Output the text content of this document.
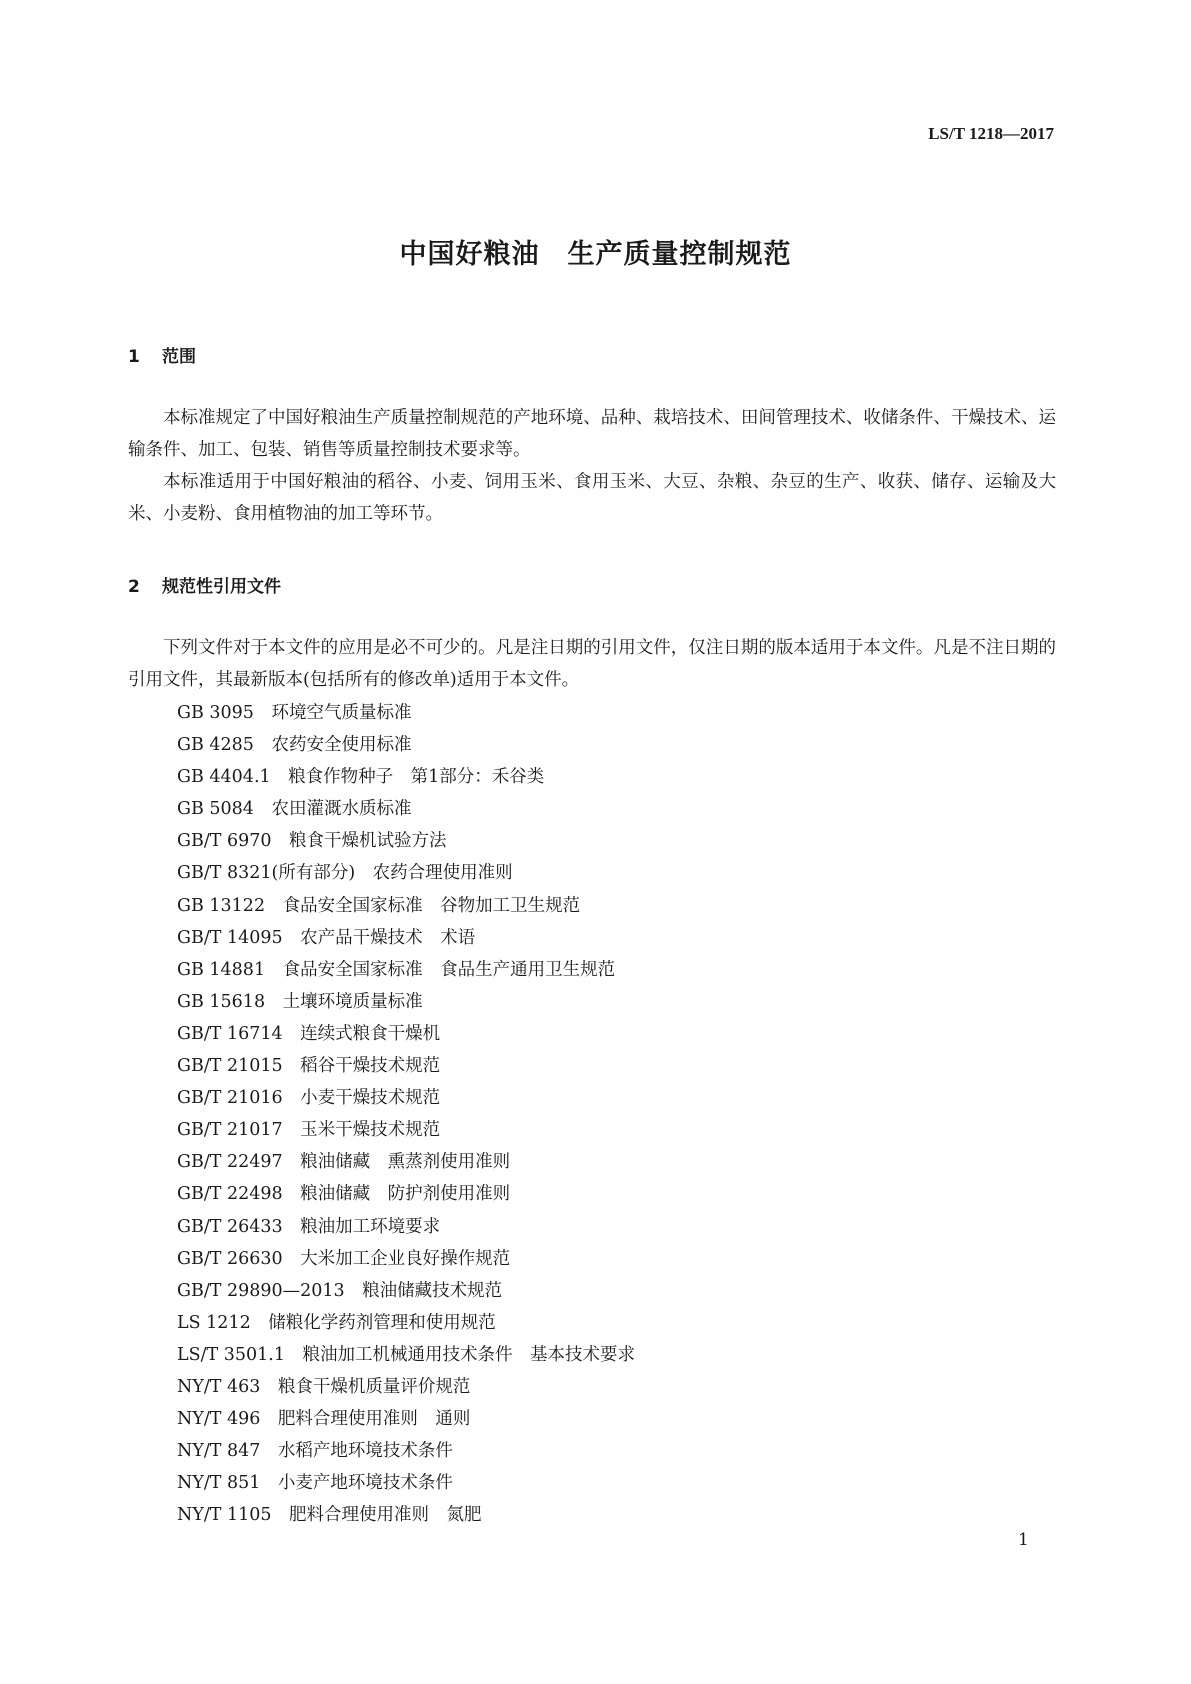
LS/T 1218—2017
中国好粮油　生产质量控制规范
1 范围
本标准规定了中国好粮油生产质量控制规范的产地环境、品种、栽培技术、田间管理技术、收储条件、干燥技术、运输条件、加工、包装、销售等质量控制技术要求等。
本标准适用于中国好粮油的稻谷、小麦、饲用玉米、食用玉米、大豆、杂粮、杂豆的生产、收获、储存、运输及大米、小麦粉、食用植物油的加工等环节。
2 规范性引用文件
下列文件对于本文件的应用是必不可少的。凡是注日期的引用文件，仅注日期的版本适用于本文件。凡是不注日期的引用文件，其最新版本(包括所有的修改单)适用于本文件。
GB 3095　环境空气质量标准
GB 4285　农药安全使用标准
GB 4404.1　粮食作物种子　第1部分：禾谷类
GB 5084　农田灌溉水质标准
GB/T 6970　粮食干燥机试验方法
GB/T 8321(所有部分)　农药合理使用准则
GB 13122　食品安全国家标准　谷物加工卫生规范
GB/T 14095　农产品干燥技术　术语
GB 14881　食品安全国家标准　食品生产通用卫生规范
GB 15618　土壤环境质量标准
GB/T 16714　连续式粮食干燥机
GB/T 21015　稻谷干燥技术规范
GB/T 21016　小麦干燥技术规范
GB/T 21017　玉米干燥技术规范
GB/T 22497　粮油储藏　熏蒸剂使用准则
GB/T 22498　粮油储藏　防护剂使用准则
GB/T 26433　粮油加工环境要求
GB/T 26630　大米加工企业良好操作规范
GB/T 29890—2013　粮油储藏技术规范
LS 1212　储粮化学药剂管理和使用规范
LS/T 3501.1　粮油加工机械通用技术条件　基本技术要求
NY/T 463　粮食干燥机质量评价规范
NY/T 496　肥料合理使用准则　通则
NY/T 847　水稻产地环境技术条件
NY/T 851　小麦产地环境技术条件
NY/T 1105　肥料合理使用准则　氮肥
1
